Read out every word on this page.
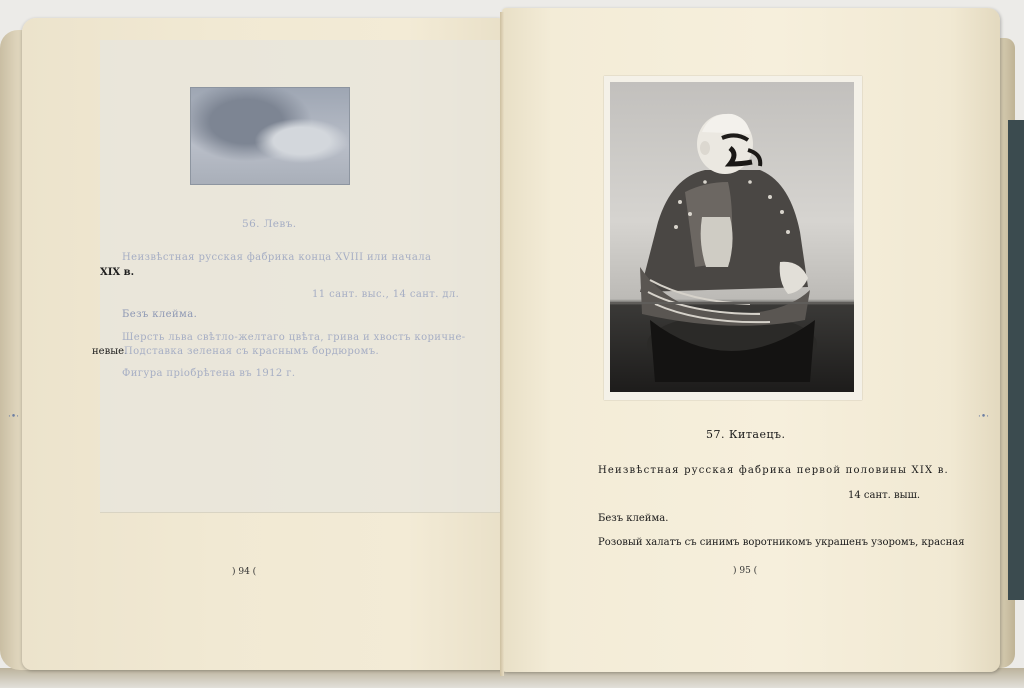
56. Левъ.
Неизвѣстная русская фабрика конца XVIII или начала
XIX в.
11 сант. выс., 14 сант. дл.
Безъ клейма.
Шерсть льва свѣтло-желтаго цвѣта, грива и хвостъ коричне-
невые.
Подставка зеленая съ краснымъ бордюромъ.
Фигура пріобрѣтена въ 1912 г.
) 94 (
·•·
57. Китаецъ.
Неизвѣстная русская фабрика первой половины XIX в.
14 сант. выш.
Безъ клейма.
Розовый халатъ съ синимъ воротникомъ украшенъ узоромъ, красная
) 95 (
·•·
